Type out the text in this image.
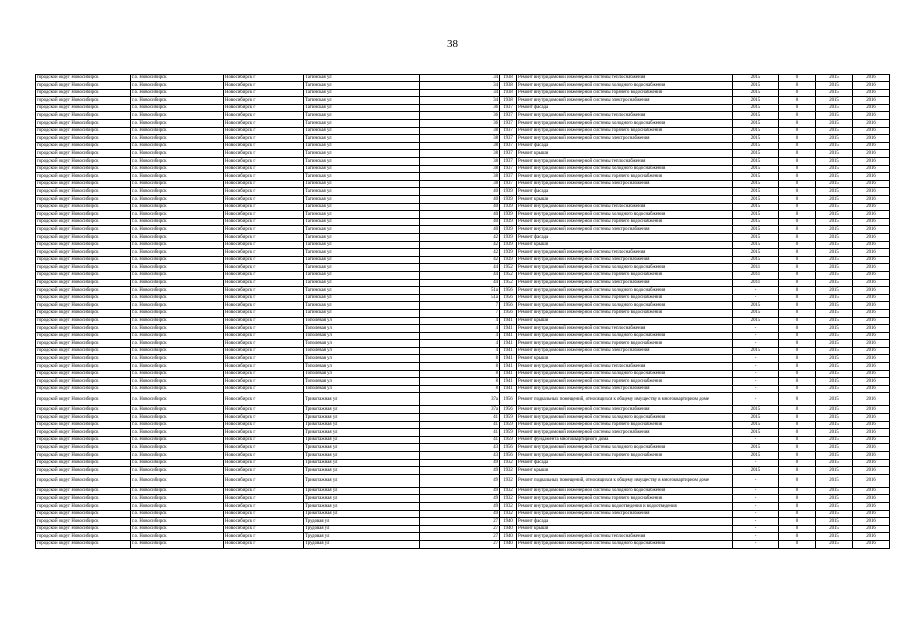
38
городской округ Новосибирск	г.о. Новосибирск	Новосибирск г	Тагинская ул	34	1938	Ремонт внутридомовой инженерной системы теплоснабжения	2015	0	2015	2016
городской округ Новосибирск	г.о. Новосибирск	Новосибирск г	Тагинская ул	34	1938	Ремонт внутридомовой инженерной системы холодного водоснабжения	2015	0	2015	2016
городской округ Новосибирск	г.о. Новосибирск	Новосибирск г	Тагинская ул	34	1938	Ремонт внутридомовой инженерной системы горячего водоснабжения	2015	0	2015	2016
городской округ Новосибирск	г.о. Новосибирск	Новосибирск г	Тагинская ул	34	1938	Ремонт внутридомовой инженерной системы электроснабжения	2015	0	2015	2016
городской округ Новосибирск	г.о. Новосибирск	Новосибирск г	Тагинская ул	36	1937	Ремонт фасада	2015	0	2015	2016
городской округ Новосибирск	г.о. Новосибирск	Новосибирск г	Тагинская ул	36	1937	Ремонт внутридомовой инженерной системы теплоснабжения	2015	0	2015	2016
городской округ Новосибирск	г.о. Новосибирск	Новосибирск г	Тагинская ул	36	1937	Ремонт внутридомовой инженерной системы холодного водоснабжения	2015	0	2015	2016
городской округ Новосибирск	г.о. Новосибирск	Новосибирск г	Тагинская ул	38	1937	Ремонт внутридомовой инженерной системы горячего водоснабжения	2015	0	2015	2016
городской округ Новосибирск	г.о. Новосибирск	Новосибирск г	Тагинская ул	38	1937	Ремонт внутридомовой инженерной системы электроснабжения	2015	0	2015	2016
городской округ Новосибирск	г.о. Новосибирск	Новосибирск г	Тагинская ул	38	1937	Ремонт фасада	2015	0	2015	2016
городской округ Новосибирск	г.о. Новосибирск	Новосибирск г	Тагинская ул	38	1937	Ремонт крыши	2015	0	2015	2016
городской округ Новосибирск	г.о. Новосибирск	Новосибирск г	Тагинская ул	38	1937	Ремонт внутридомовой инженерной системы теплоснабжения	2015	0	2015	2016
городской округ Новосибирск	г.о. Новосибирск	Новосибирск г	Тагинская ул	38	1937	Ремонт внутридомовой инженерной системы холодного водоснабжения	2015	0	2015	2016
городской округ Новосибирск	г.о. Новосибирск	Новосибирск г	Тагинская ул	38	1937	Ремонт внутридомовой инженерной системы горячего водоснабжения	2015	0	2015	2016
городской округ Новосибирск	г.о. Новосибирск	Новосибирск г	Тагинская ул	38	1937	Ремонт внутридомовой инженерной системы электроснабжения	2015	0	2015	2016
городской округ Новосибирск	г.о. Новосибирск	Новосибирск г	Тагинская ул	40	1939	Ремонт фасада	2015	0	2015	2016
городской округ Новосибирск	г.о. Новосибирск	Новосибирск г	Тагинская ул	40	1939	Ремонт крыши	2015	0	2015	2016
городской округ Новосибирск	г.о. Новосибирск	Новосибирск г	Тагинская ул	40	1939	Ремонт внутридомовой инженерной системы теплоснабжения	2015	0	2015	2016
городской округ Новосибирск	г.о. Новосибирск	Новосибирск г	Тагинская ул	40	1939	Ремонт внутридомовой инженерной системы холодного водоснабжения	2015	0	2015	2016
городской округ Новосибирск	г.о. Новосибирск	Новосибирск г	Тагинская ул	40	1939	Ремонт внутридомовой инженерной системы горячего водоснабжения	2015	0	2015	2016
городской округ Новосибирск	г.о. Новосибирск	Новосибирск г	Тагинская ул	40	1939	Ремонт внутридомовой инженерной системы электроснабжения	2015	0	2015	2016
городской округ Новосибирск	г.о. Новосибирск	Новосибирск г	Тагинская ул	42	1939	Ремонт фасада	2015	0	2015	2016
городской округ Новосибирск	г.о. Новосибирск	Новосибирск г	Тагинская ул	42	1939	Ремонт крыши	2015	0	2015	2016
городской округ Новосибирск	г.о. Новосибирск	Новосибирск г	Тагинская ул	42	1939	Ремонт внутридомовой инженерной системы теплоснабжения	2015	0	2015	2016
городской округ Новосибирск	г.о. Новосибирск	Новосибирск г	Тагинская ул	42	1939	Ремонт внутридомовой инженерной системы электроснабжения	2015	0	2015	2016
городской округ Новосибирск	г.о. Новосибирск	Новосибирск г	Тагинская ул	44	1952	Ремонт внутридомовой инженерной системы холодного водоснабжения	2011	0	2015	2016
городской округ Новосибирск	г.о. Новосибирск	Новосибирск г	Тагинская ул	44	1952	Ремонт внутридомовой инженерной системы горячего водоснабжения	2011	0	2015	2016
городской округ Новосибирск	г.о. Новосибирск	Новосибирск г	Тагинская ул	44	1952	Ремонт внутридомовой инженерной системы электроснабжения	2011	0	2015	2016
городской округ Новосибирск	г.о. Новосибирск	Новосибирск г	Тагинская ул	51а	1956	Ремонт внутридомовой инженерной системы холодного водоснабжения	-	0	2015	2016
городской округ Новосибирск	г.о. Новосибирск	Новосибирск г	Тагинская ул	51а	1956	Ремонт внутридомовой инженерной системы горячего водоснабжения	-	0	2015	2016
городской округ Новосибирск	г.о. Новосибирск	Новосибирск г	Тагинская ул	7	1956	Ремонт внутридомовой инженерной системы холодного водоснабжения	2015	0	2015	2016
городской округ Новосибирск	г.о. Новосибирск	Новосибирск г	Тагинская ул	7	1956	Ремонт внутридомовой инженерной системы горячего водоснабжения	2015	0	2015	2016
городской округ Новосибирск	г.о. Новосибирск	Новосибирск г	Тополевая ул	4	1941	Ремонт крыши	2015	0	2015	2016
городской округ Новосибирск	г.о. Новосибирск	Новосибирск г	Тополевая ул	4	1941	Ремонт внутридомовой инженерной системы теплоснабжения	-	0	2015	2016
городской округ Новосибирск	г.о. Новосибирск	Новосибирск г	Тополевая ул	4	1941	Ремонт внутридомовой инженерной системы холодного водоснабжения	-	0	2015	2016
городской округ Новосибирск	г.о. Новосибирск	Новосибирск г	Тополевая ул	4	1941	Ремонт внутридомовой инженерной системы горячего водоснабжения	-	0	2015	2016
городской округ Новосибирск	г.о. Новосибирск	Новосибирск г	Тополевая ул	4	1941	Ремонт внутридомовой инженерной системы электроснабжения	2015	0	2015	2016
городской округ Новосибирск	г.о. Новосибирск	Новосибирск г	Тополевая ул	8	1941	Ремонт крыши	-	0	2015	2016
городской округ Новосибирск	г.о. Новосибирск	Новосибирск г	Тополевая ул	8	1941	Ремонт внутридомовой инженерной системы теплоснабжения	-	0	2015	2016
городской округ Новосибирск	г.о. Новосибирск	Новосибирск г	Тополевая ул	8	1941	Ремонт внутридомовой инженерной системы холодного водоснабжения	-	0	2015	2016
городской округ Новосибирск	г.о. Новосибирск	Новосибирск г	Тополевая ул	8	1941	Ремонт внутридомовой инженерной системы горячего водоснабжения	-	0	2015	2016
городской округ Новосибирск	г.о. Новосибирск	Новосибирск г	Тополевая ул	8	1941	Ремонт внутридомовой инженерной системы электроснабжения	-	0	2015	2016
городской округ Новосибирск	г.о. Новосибирск	Новосибирск г	Трикотажная ул	37а	1956	Ремонт подвальных помещений, относящихся к общему имуществу в многоквартирном доме	-	0	2015	2016
городской округ Новосибирск	г.о. Новосибирск	Новосибирск г	Трикотажная ул	37а	1956	Ремонт внутридомовой инженерной системы электроснабжения	2015	0	2015	2016
городской округ Новосибирск	г.о. Новосибирск	Новосибирск г	Трикотажная ул	41	1959	Ремонт внутридомовой инженерной системы холодного водоснабжения	2015	0	2015	2016
городской округ Новосибирск	г.о. Новосибирск	Новосибирск г	Трикотажная ул	41	1959	Ремонт внутридомовой инженерной системы горячего водоснабжения	2015	0	2015	2016
городской округ Новосибирск	г.о. Новосибирск	Новосибирск г	Трикотажная ул	41	1959	Ремонт внутридомовой инженерной системы электроснабжения	2015	0	2015	2016
городской округ Новосибирск	г.о. Новосибирск	Новосибирск г	Трикотажная ул	41	1959	Ремонт фундамента многоквартирного дома	-	0	2015	2016
городской округ Новосибирск	г.о. Новосибирск	Новосибирск г	Трикотажная ул	43	1956	Ремонт внутридомовой инженерной системы холодного водоснабжения	2015	0	2015	2016
городской округ Новосибирск	г.о. Новосибирск	Новосибирск г	Трикотажная ул	43	1956	Ремонт внутридомовой инженерной системы горячего водоснабжения	2015	0	2015	2016
городской округ Новосибирск	г.о. Новосибирск	Новосибирск г	Трикотажная ул	49	1932	Ремонт фасада	-	0	2015	2016
городской округ Новосибирск	г.о. Новосибирск	Новосибирск г	Трикотажная ул	49	1932	Ремонт крыши	2015	0	2015	2016
городской округ Новосибирск	г.о. Новосибирск	Новосибирск г	Трикотажная ул	49	1932	Ремонт подвальных помещений, относящихся к общему имуществу в многоквартирном доме	-	0	2015	2016
городской округ Новосибирск	г.о. Новосибирск	Новосибирск г	Трикотажная ул	49	1932	Ремонт внутридомовой инженерной системы холодного водоснабжения	-	0	2015	2016
городской округ Новосибирск	г.о. Новосибирск	Новосибирск г	Трикотажная ул	49	1932	Ремонт внутридомовой инженерной системы горячего водоснабжения	-	0	2015	2016
городской округ Новосибирск	г.о. Новосибирск	Новосибирск г	Трикотажная ул	49	1932	Ремонт внутридомовой инженерной системы водоотведения и водоотведения	-	0	2015	2016
городской округ Новосибирск	г.о. Новосибирск	Новосибирск г	Трикотажная ул	49	1932	Ремонт внутридомовой инженерной системы электроснабжения	-	0	2015	2016
городской округ Новосибирск	г.о. Новосибирск	Новосибирск г	Трудовая ул	27	1940	Ремонт фасада	-	0	2015	2016
городской округ Новосибирск	г.о. Новосибирск	Новосибирск г	Трудовая ул	27	1940	Ремонт крыши	-	0	2015	2016
городской округ Новосибирск	г.о. Новосибирск	Новосибирск г	Трудовая ул	27	1940	Ремонт внутридомовой инженерной системы теплоснабжения	-	0	2015	2016
городской округ Новосибирск	г.о. Новосибирск	Новосибирск г	Трудовая ул	27	1940	Ремонт внутридомовой инженерной системы холодного водоснабжения	-	0	2015	2016
